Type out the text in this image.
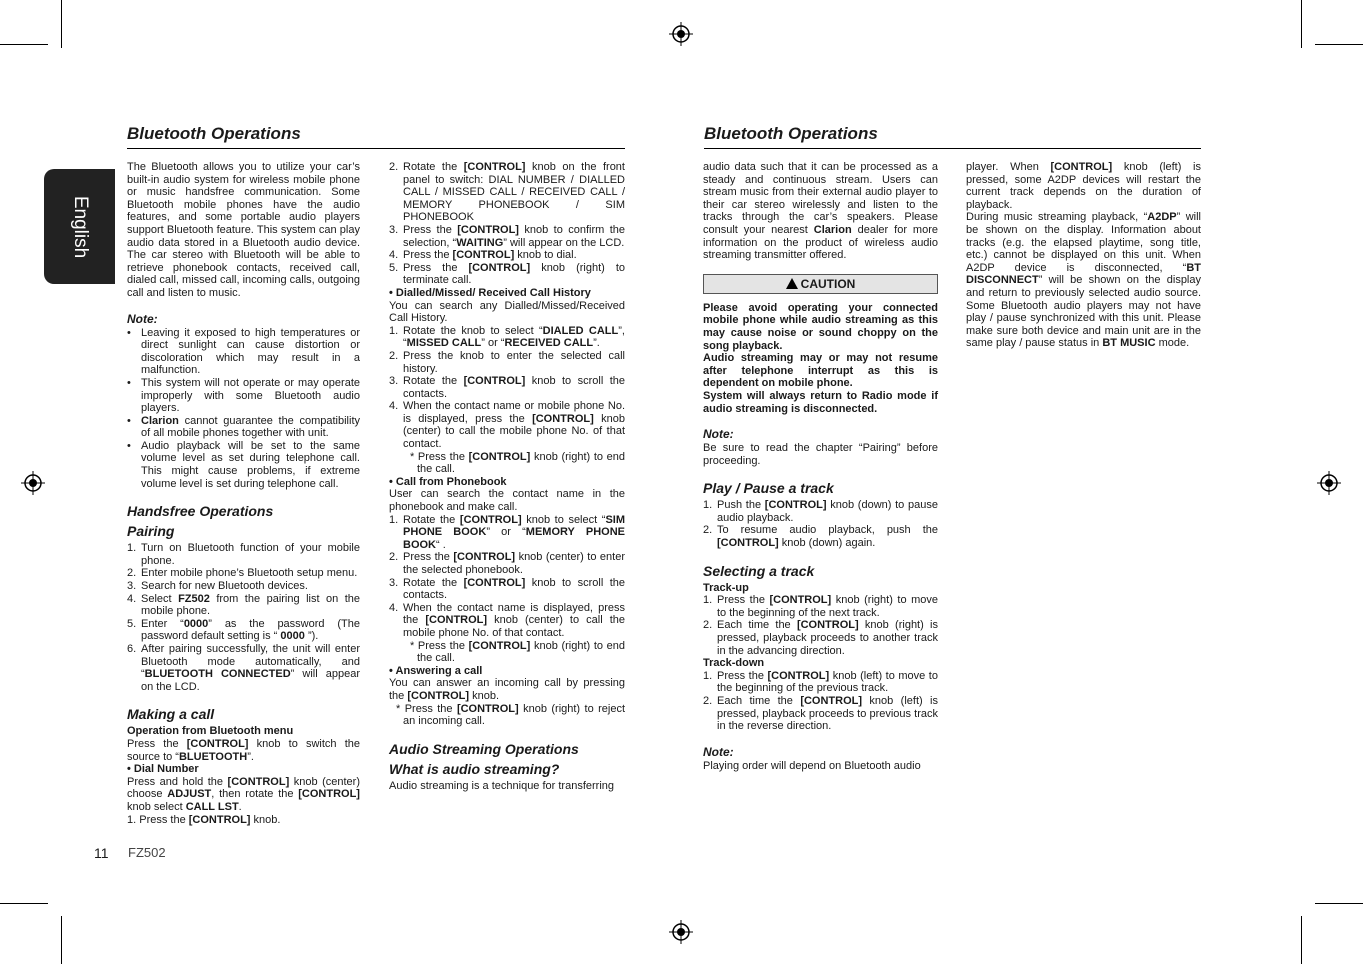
English
Bluetooth Operations	Bluetooth Operations

The Bluetooth allows you to utilize your car’s built-in audio system for wireless mobile phone or music handsfree communication. Some Bluetooth mobile phones have the audio features, and some portable audio players support Bluetooth feature. This system can play audio data stored in a Bluetooth audio device. The car stereo with Bluetooth will be able to retrieve phonebook contacts, received call, dialed call, missed call, incoming calls, outgoing call and listen to music.

Note:
• Leaving it exposed to high temperatures or direct sunlight can cause distortion or discoloration which may result in a malfunction.
• This system will not operate or may operate improperly with some Bluetooth audio players.
• Clarion cannot guarantee the compatibility of all mobile phones together with unit.
• Audio playback will be set to the same volume level as set during telephone call. This might cause problems, if extreme volume level is set during telephone call.
Handsfree Operations
Pairing
1. Turn on Bluetooth function of your mobile phone.
2. Enter mobile phone’s Bluetooth setup menu.
3. Search for new Bluetooth devices.
4. Select FZ502 from the pairing list on the mobile phone.
5. Enter “0000” as the password (The password default setting is “ 0000 ”).
6. After pairing successfully, the unit will enter Bluetooth mode automatically, and “BLUETOOTH CONNECTED” will appear on the LCD.
Making a call

Operation from Bluetooth menu

Press the [CONTROL] knob to switch the source to “BLUETOOTH”.

• Dial Number

Press and hold the [CONTROL] knob (center) choose ADJUST, then rotate the [CONTROL] knob select CALL LST.

1. Press the [CONTROL] knob.

2. Rotate the [CONTROL] knob on the front panel to switch: DIAL NUMBER / DIALLED CALL / MISSED CALL / RECEIVED CALL / MEMORY PHONEBOOK / SIM PHONEBOOK
3. Press the [CONTROL] knob to confirm the selection, “WAITING” will appear on the LCD.
4. Press the [CONTROL] knob to dial.
5. Press the [CONTROL] knob (right) to terminate call.

• Dialled/Missed/ Received Call History

You can search any Dialled/Missed/Received Call History.

1. Rotate the knob to select “DIALED CALL”, “MISSED CALL” or “RECEIVED CALL”.
2. Press the knob to enter the selected call history.
3. Rotate the [CONTROL] knob to scroll the contacts.
4. When the contact name or mobile phone No. is displayed, press the [CONTROL] knob (center) to call the mobile phone No. of that contact.
* Press the [CONTROL] knob (right) to end the call.

• Call from Phonebook

User can search the contact name in the phonebook and make call.

1. Rotate the [CONTROL] knob to select “SIM PHONE BOOK” or “MEMORY PHONE BOOK“ .
2. Press the [CONTROL] knob (center) to enter the selected phonebook.
3. Rotate the [CONTROL] knob to scroll the contacts.
4. When the contact name is displayed, press the [CONTROL] knob (center) to call the mobile phone No. of that contact.
* Press the [CONTROL] knob (right) to end the call.

• Answering a call

You can answer an incoming call by pressing the [CONTROL] knob.

* Press the [CONTROL] knob (right) to reject an incoming call.

Audio Streaming Operations
What is audio streaming?

Audio streaming is a technique for transferring

audio data such that it can be processed as a steady and continuous stream. Users can stream music from their external audio player to their car stereo wirelessly and listen to the tracks through the car’s speakers. Please consult your nearest Clarion dealer for more information on the product of wireless audio streaming transmitter offered.

CAUTION

Please avoid operating your connected mobile phone while audio streaming as this may cause noise or sound choppy on the song playback.

Audio streaming may or may not resume after telephone interrupt as this is dependent on mobile phone.

System will always return to Radio mode if audio streaming is disconnected.

Note:

Be sure to read the chapter “Pairing” before proceeding.

Play / Pause a track
1. Push the [CONTROL] knob (down) to pause audio playback.
2. To resume audio playback, push the [CONTROL] knob (down) again.
Selecting a track

Track-up

1. Press the [CONTROL] knob (right) to move to the beginning of the next track.
2. Each time the [CONTROL] knob (right) is pressed, playback proceeds to another track in the advancing direction.

Track-down

1. Press the [CONTROL] knob (left) to move to the beginning of the previous track.
2. Each time the [CONTROL] knob (left) is pressed, playback proceeds to previous track in the reverse direction.
Note:

Playing order will depend on Bluetooth audio

player. When [CONTROL] knob (left) is pressed, some A2DP devices will restart the current track depends on the duration of playback.

During music streaming playback, “A2DP” will be shown on the display. Information about tracks (e.g. the elapsed playtime, song title, etc.) cannot be displayed on this unit. When A2DP device is disconnected, “BT DISCONNECT” will be shown on the display and return to previously selected audio source. Some Bluetooth audio players may not have play / pause synchronized with this unit. Please make sure both device and main unit are in the same play / pause status in BT MUSIC mode.

11 FZ502
